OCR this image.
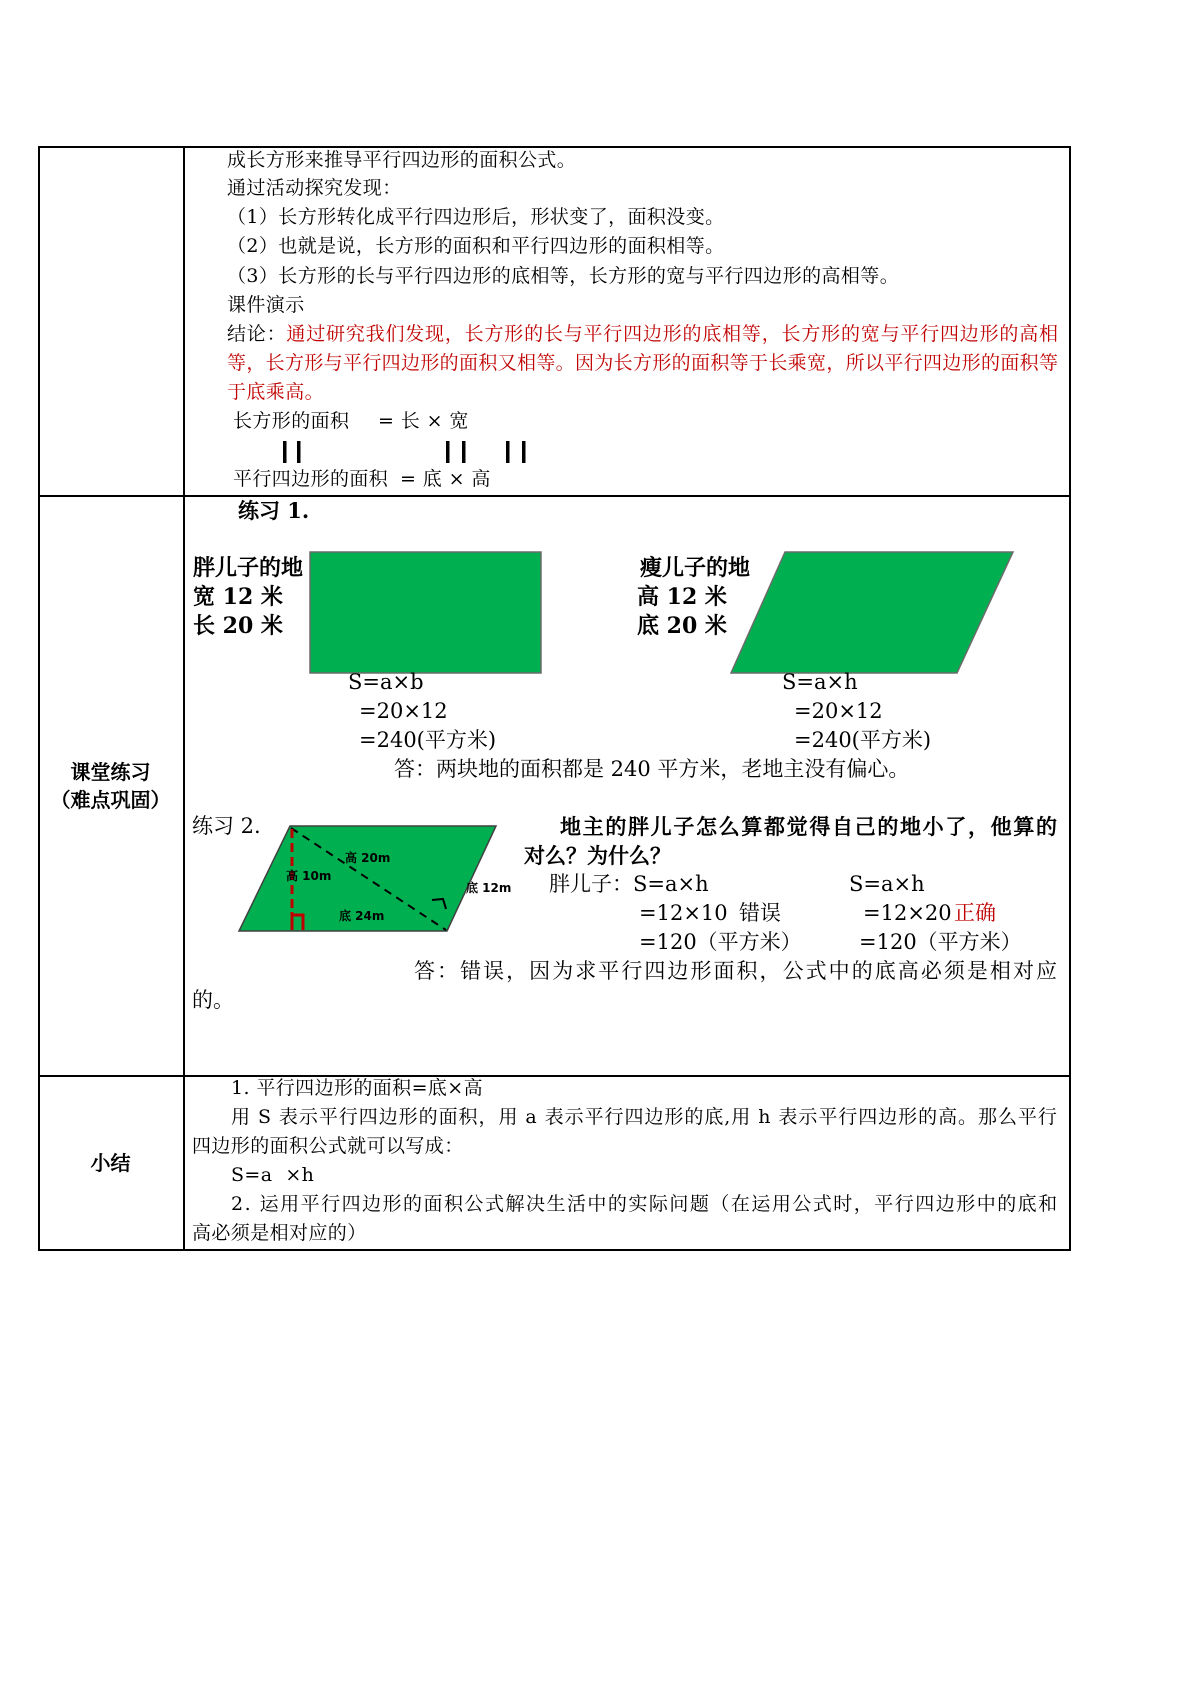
成长方形来推导平行四边形的面积公式。
通过活动探究发现：
（1）长方形转化成平行四边形后，形状变了，面积没变。
（2）也就是说，长方形的面积和平行四边形的面积相等。
（3）长方形的长与平行四边形的底相等，长方形的宽与平行四边形的高相等。
课件演示
结论：通过研究我们发现，长方形的长与平行四边形的底相等，长方形的宽与平行四边形的高相
等，长方形与平行四边形的面积又相等。因为长方形的面积等于长乘宽，所以平行四边形的面积等
于底乘高。
长方形的面积 = 长 × 宽
平行四边形的面积 = 底 × 高
课堂练习
（难点巩固）
练习 1.
胖儿子的地
宽 12 米
长 20 米
瘦儿子的地
高 12 米
底 20 米
S=a×b
=20×12
=240(平方米)
S=a×h
=20×12
=240(平方米)
答：两块地的面积都是 240 平方米，老地主没有偏心。
练习 2.
高 20m
高 10m
底 24m
底 12m
地主的胖儿子怎么算都觉得自己的地小了，他算的
对么？为什么？
胖儿子：S=a×h
=12×10 错误
=120（平方米）
S=a×h
=12×20 正确
=120（平方米）
答：错误，因为求平行四边形面积，公式中的底高必须是相对应
的。
小结
1. 平行四边形的面积=底×高
用 S 表示平行四边形的面积，用 a 表示平行四边形的底,用 h 表示平行四边形的高。那么平行
四边形的面积公式就可以写成：
S=a  ×h
2. 运用平行四边形的面积公式解决生活中的实际问题（在运用公式时，平行四边形中的底和
高必须是相对应的）
